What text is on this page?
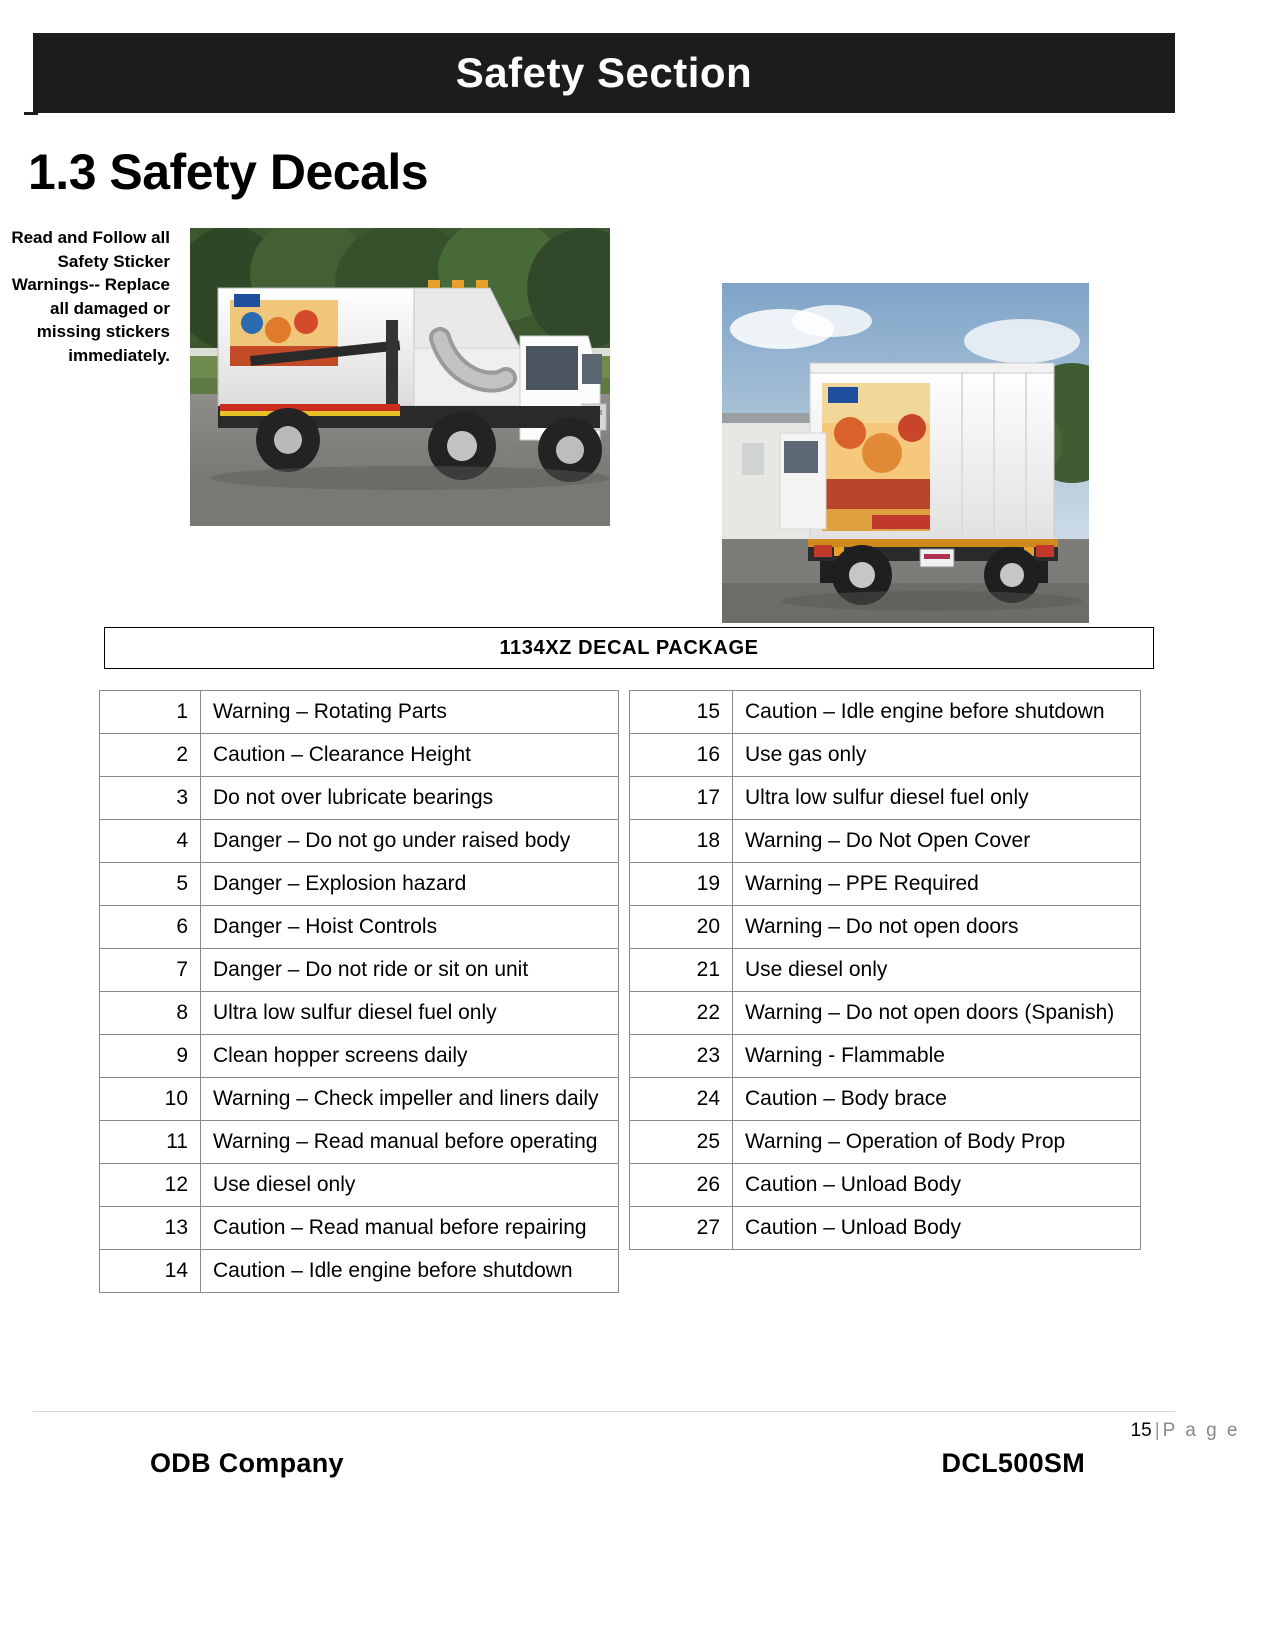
Safety Section
1.3 Safety Decals
Read and Follow all Safety Sticker Warnings-- Replace all damaged or missing stickers immediately.
1134XZ DECAL PACKAGE
1	Warning – Rotating Parts
2	Caution – Clearance Height
3	Do not over lubricate bearings
4	Danger – Do not go under raised body
5	Danger – Explosion hazard
6	Danger – Hoist Controls
7	Danger – Do not ride or sit on unit
8	Ultra low sulfur diesel fuel only
9	Clean hopper screens daily
10	Warning – Check impeller and liners daily
11	Warning – Read manual before operating
12	Use diesel only
13	Caution – Read manual before repairing
14	Caution – Idle engine before shutdown
15	Caution – Idle engine before shutdown
16	Use gas only
17	Ultra low sulfur diesel fuel only
18	Warning – Do Not Open Cover
19	Warning – PPE Required
20	Warning – Do not open doors
21	Use diesel only
22	Warning – Do not open doors (Spanish)
23	Warning - Flammable
24	Caution – Body brace
25	Warning – Operation of Body Prop
26	Caution – Unload Body
27	Caution – Unload Body
15 | P a g e
ODB Company	DCL500SM
